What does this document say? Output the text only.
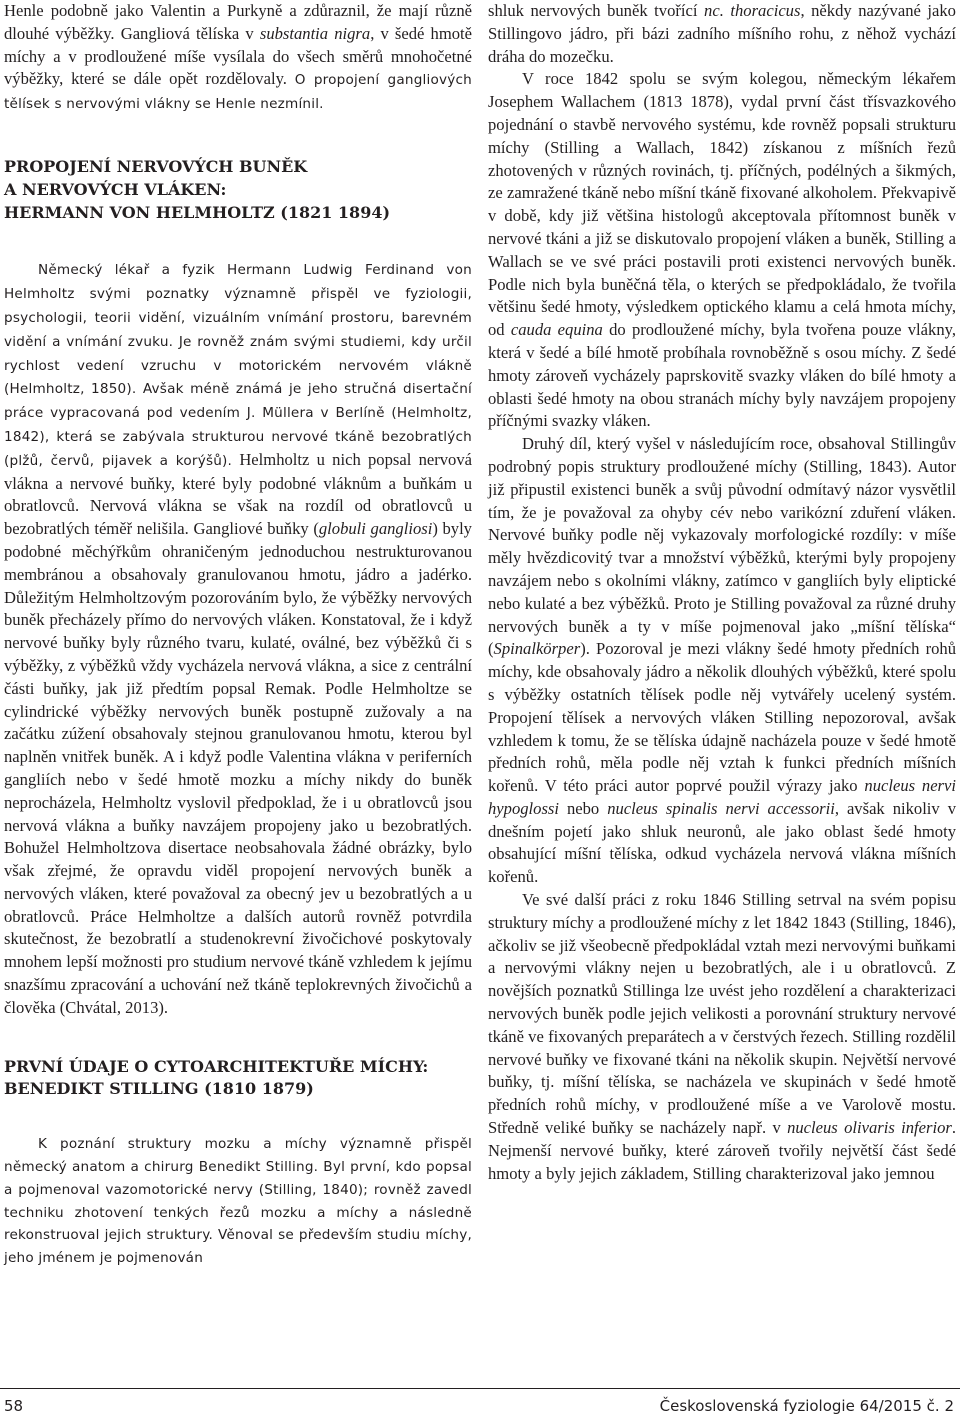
Henle podobně jako Valentin a Purkyně a zdůraznil, že mají různě dlouhé výběžky. Gangliová tělíska v substantia nigra, v šedé hmotě míchy a v prodloužené míše vysílala do všech směrů mnohočetné výběžky, které se dále opět rozdělovaly. O propojení gangliových tělísek s nervovými vlákny se Henle nezmínil.

PROPOJENÍ NERVOVÝCH BUNĚK
A NERVOVÝCH VLÁKEN:
HERMANN VON HELMHOLTZ (1821 1894)

Německý lékař a fyzik Hermann Ludwig Ferdinand von Helmholtz svými poznatky významně přispěl ve fyziologii, psychologii, teorii vidění, vizuálním vnímání prostoru, barevném vidění a vnímání zvuku. Je rovněž znám svými studiemi, kdy určil rychlost vedení vzruchu v motorickém nervovém vlákně (Helmholtz, 1850). Avšak méně známá je jeho stručná disertační práce vypracovaná pod vedením J. Müllera v Berlíně (Helmholtz, 1842), která se zabývala strukturou nervové tkáně bezobratlých (plžů, červů, pijavek a korýšů). Helmholtz u nich popsal nervová vlákna a nervové buňky, které byly podobné vláknům a buňkám u obratlovců. Nervová vlákna se však na rozdíl od obratlovců u bezobratlých téměř nelišila. Gangliové buňky (globuli gangliosi) byly podobné měchýřkům ohraničeným jednoduchou nestrukturovanou membránou a obsahovaly granulovanou hmotu, jádro a jadérko. Důležitým Helmholtzovým pozorováním bylo, že výběžky nervových buněk přecházely přímo do nervových vláken. Konstatoval, že i když nervové buňky byly různého tvaru, kulaté, oválné, bez výběžků či s výběžky, z výběžků vždy vycházela nervová vlákna, a sice z centrální části buňky, jak již předtím popsal Remak. Podle Helmholtze se cylindrické výběžky nervových buněk postupně zužovaly a na začátku zúžení obsahovaly stejnou granulovanou hmotu, kterou byl naplněn vnitřek buněk. A i když podle Valentina vlákna v periferních gangliích nebo v šedé hmotě mozku a míchy nikdy do buněk neprocházela, Helmholtz vyslovil předpoklad, že i u obratlovců jsou nervová vlákna a buňky navzájem propojeny jako u bezobratlých. Bohužel Helmholtzova disertace neobsahovala žádné obrázky, bylo však zřejmé, že opravdu viděl propojení nervových buněk a nervových vláken, které považoval za obecný jev u bezobratlých a u obratlovců. Práce Helmholtze a dalších autorů rovněž potvrdila skutečnost, že bezobratlí a studenokrevní živočichové poskytovaly mnohem lepší možnosti pro studium nervové tkáně vzhledem k jejímu snazšímu zpracování a uchování než tkáně teplokrevných živočichů a člověka (Chvátal, 2013).

PRVNÍ ÚDAJE O CYTOARCHITEKTUŘE MÍCHY:
BENEDIKT STILLING (1810 1879)

K poznání struktury mozku a míchy významně přispěl německý anatom a chirurg Benedikt Stilling. Byl první, kdo popsal a pojmenoval vazomotorické nervy (Stilling, 1840); rovněž zavedl techniku zhotovení tenkých řezů mozku a míchy a následně rekonstruoval jejich struktury. Věnoval se především studiu míchy, jeho jménem je pojmenován

shluk nervových buněk tvořící nc. thoracicus, někdy nazývané jako Stillingovo jádro, při bázi zadního míšního rohu, z něhož vychází dráha do mozečku.

V roce 1842 spolu se svým kolegou, německým lékařem Josephem Wallachem (1813 1878), vydal první část třísvazkového pojednání o stavbě nervového systému, kde rovněž popsali strukturu míchy (Stilling a Wallach, 1842) získanou z míšních řezů zhotovených v různých rovinách, tj. příčných, podélných a šikmých, ze zamražené tkáně nebo míšní tkáně fixované alkoholem. Překvapivě v době, kdy již většina histologů akceptovala přítomnost buněk v nervové tkáni a již se diskutovalo propojení vláken a buněk, Stilling a Wallach se ve své práci postavili proti existenci nervových buněk. Podle nich byla buněčná těla, o kterých se předpokládalo, že tvořila většinu šedé hmoty, výsledkem optického klamu a celá hmota míchy, od cauda equina do prodloužené míchy, byla tvořena pouze vlákny, která v šedé a bílé hmotě probíhala rovnoběžně s osou míchy. Z šedé hmoty zároveň vycházely paprskovitě svazky vláken do bílé hmoty a oblasti šedé hmoty na obou stranách míchy byly navzájem propojeny příčnými svazky vláken.

Druhý díl, který vyšel v následujícím roce, obsahoval Stillingův podrobný popis struktury prodloužené míchy (Stilling, 1843). Autor již připustil existenci buněk a svůj původní odmítavý názor vysvětlil tím, že je považoval za ohyby cév nebo varikózní zduření vláken. Nervové buňky podle něj vykazovaly morfologické rozdíly: v míše měly hvězdicovitý tvar a množství výběžků, kterými byly propojeny navzájem nebo s okolními vlákny, zatímco v gangliích byly eliptické nebo kulaté a bez výběžků. Proto je Stilling považoval za různé druhy nervových buněk a ty v míše pojmenoval jako „míšní tělíska“ (Spinalkörper). Pozoroval je mezi vlákny šedé hmoty předních rohů míchy, kde obsahovaly jádro a několik dlouhých výběžků, které spolu s výběžky ostatních tělísek podle něj vytvářely ucelený systém. Propojení tělísek a nervových vláken Stilling nepozoroval, avšak vzhledem k tomu, že se tělíska údajně nacházela pouze v šedé hmotě předních rohů, měla podle něj vztah k funkci předních míšních kořenů. V této práci autor poprvé použil výrazy jako nucleus nervi hypoglossi nebo nucleus spinalis nervi accessorii, avšak nikoliv v dnešním pojetí jako shluk neuronů, ale jako oblast šedé hmoty obsahující míšní tělíska, odkud vycházela nervová vlákna míšních kořenů.

Ve své další práci z roku 1846 Stilling setrval na svém popisu struktury míchy a prodloužené míchy z let 1842 1843 (Stilling, 1846), ačkoliv se již všeobecně předpokládal vztah mezi nervovými buňkami a nervovými vlákny nejen u bezobratlých, ale i u obratlovců. Z novějších poznatků Stillinga lze uvést jeho rozdělení a charakterizaci nervových buněk podle jejich velikosti a porovnání struktury nervové tkáně ve fixovaných preparátech a v čerstvých řezech. Stilling rozdělil nervové buňky ve fixované tkáni na několik skupin. Největší nervové buňky, tj. míšní tělíska, se nacházela ve skupinách v šedé hmotě předních rohů míchy, v prodloužené míše a ve Varolově mostu. Středně veliké buňky se nacházely např. v nucleus olivaris inferior. Nejmenší nervové buňky, které zároveň tvořily největší část šedé hmoty a byly jejich základem, Stilling charakterizoval jako jemnou

58	Československá fyziologie 64/2015 č. 2
